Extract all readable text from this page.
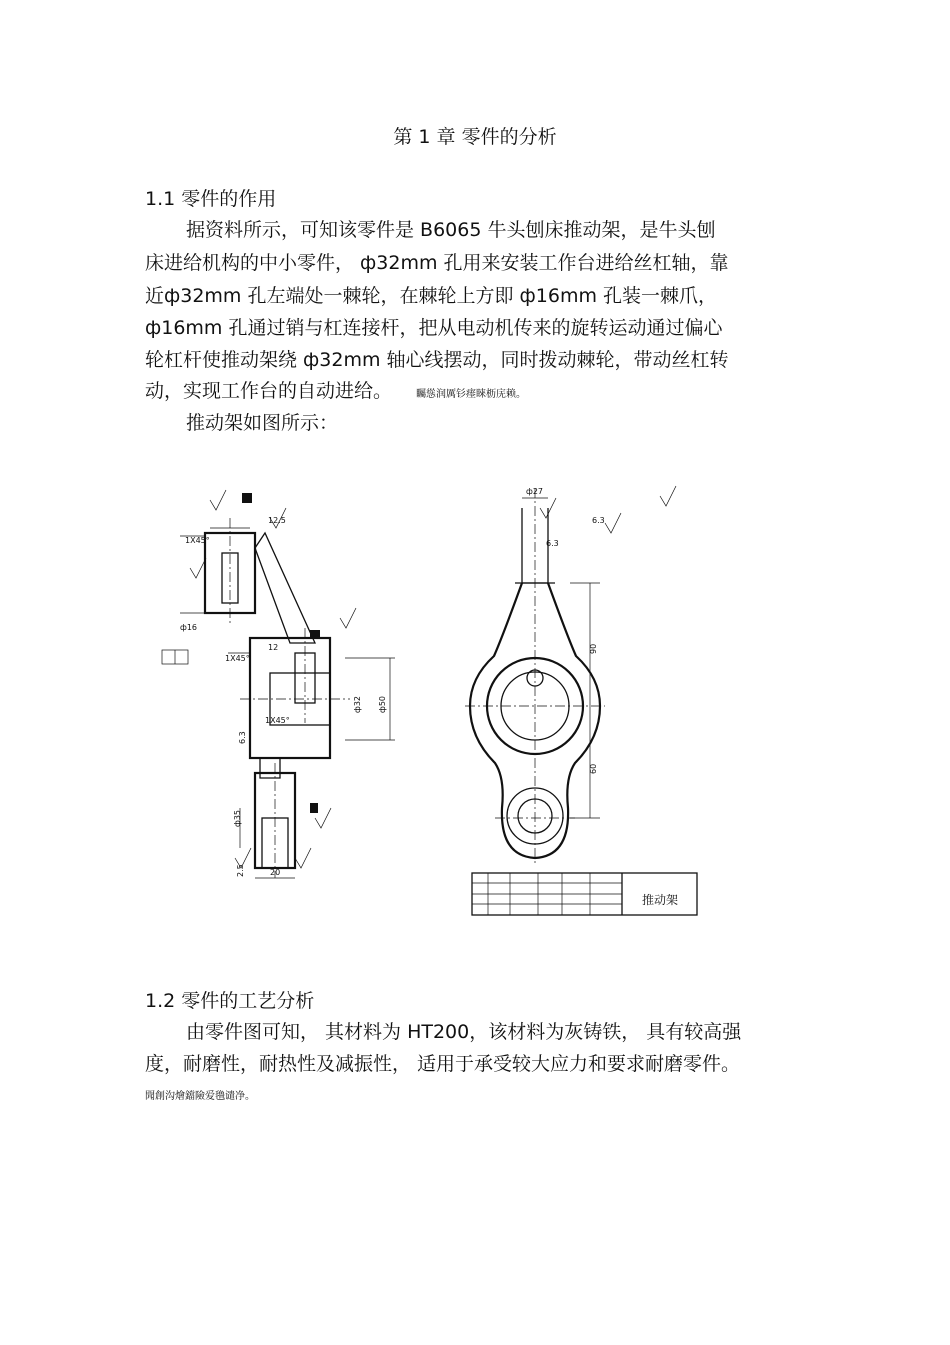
第 1 章 零件的分析
1.1 零件的作用
据资料所示，可知该零件是 B6065 牛头刨床推动架，是牛头刨
床进给机构的中小零件， ф32mm 孔用来安装工作台进给丝杠轴，靠
近ф32mm 孔左端处一棘轮，在棘轮上方即 ф16mm 孔装一棘爪，
ф16mm 孔通过销与杠连接杆，把从电动机传来的旋转运动通过偏心
轮杠杆使推动架绕 ф32mm 轴心线摆动，同时拨动棘轮，带动丝杠转
动，实现工作台的自动进给。 矚慫润厲钐瘗睞枥庑赖。
推动架如图所示：
1X45°
1X45°
1X45°
12
20
ф50
ф35
ф32
ф16
12.5
6.3
2.5
ф27
90
60
6.3
6.3
推动架
1.2 零件的工艺分析
由零件图可知， 其材料为 HT200，该材料为灰铸铁， 具有较高强
度，耐磨性，耐热性及减振性， 适用于承受较大应力和要求耐磨零件。
聞創沟燴鐺險爱氇谴净。
